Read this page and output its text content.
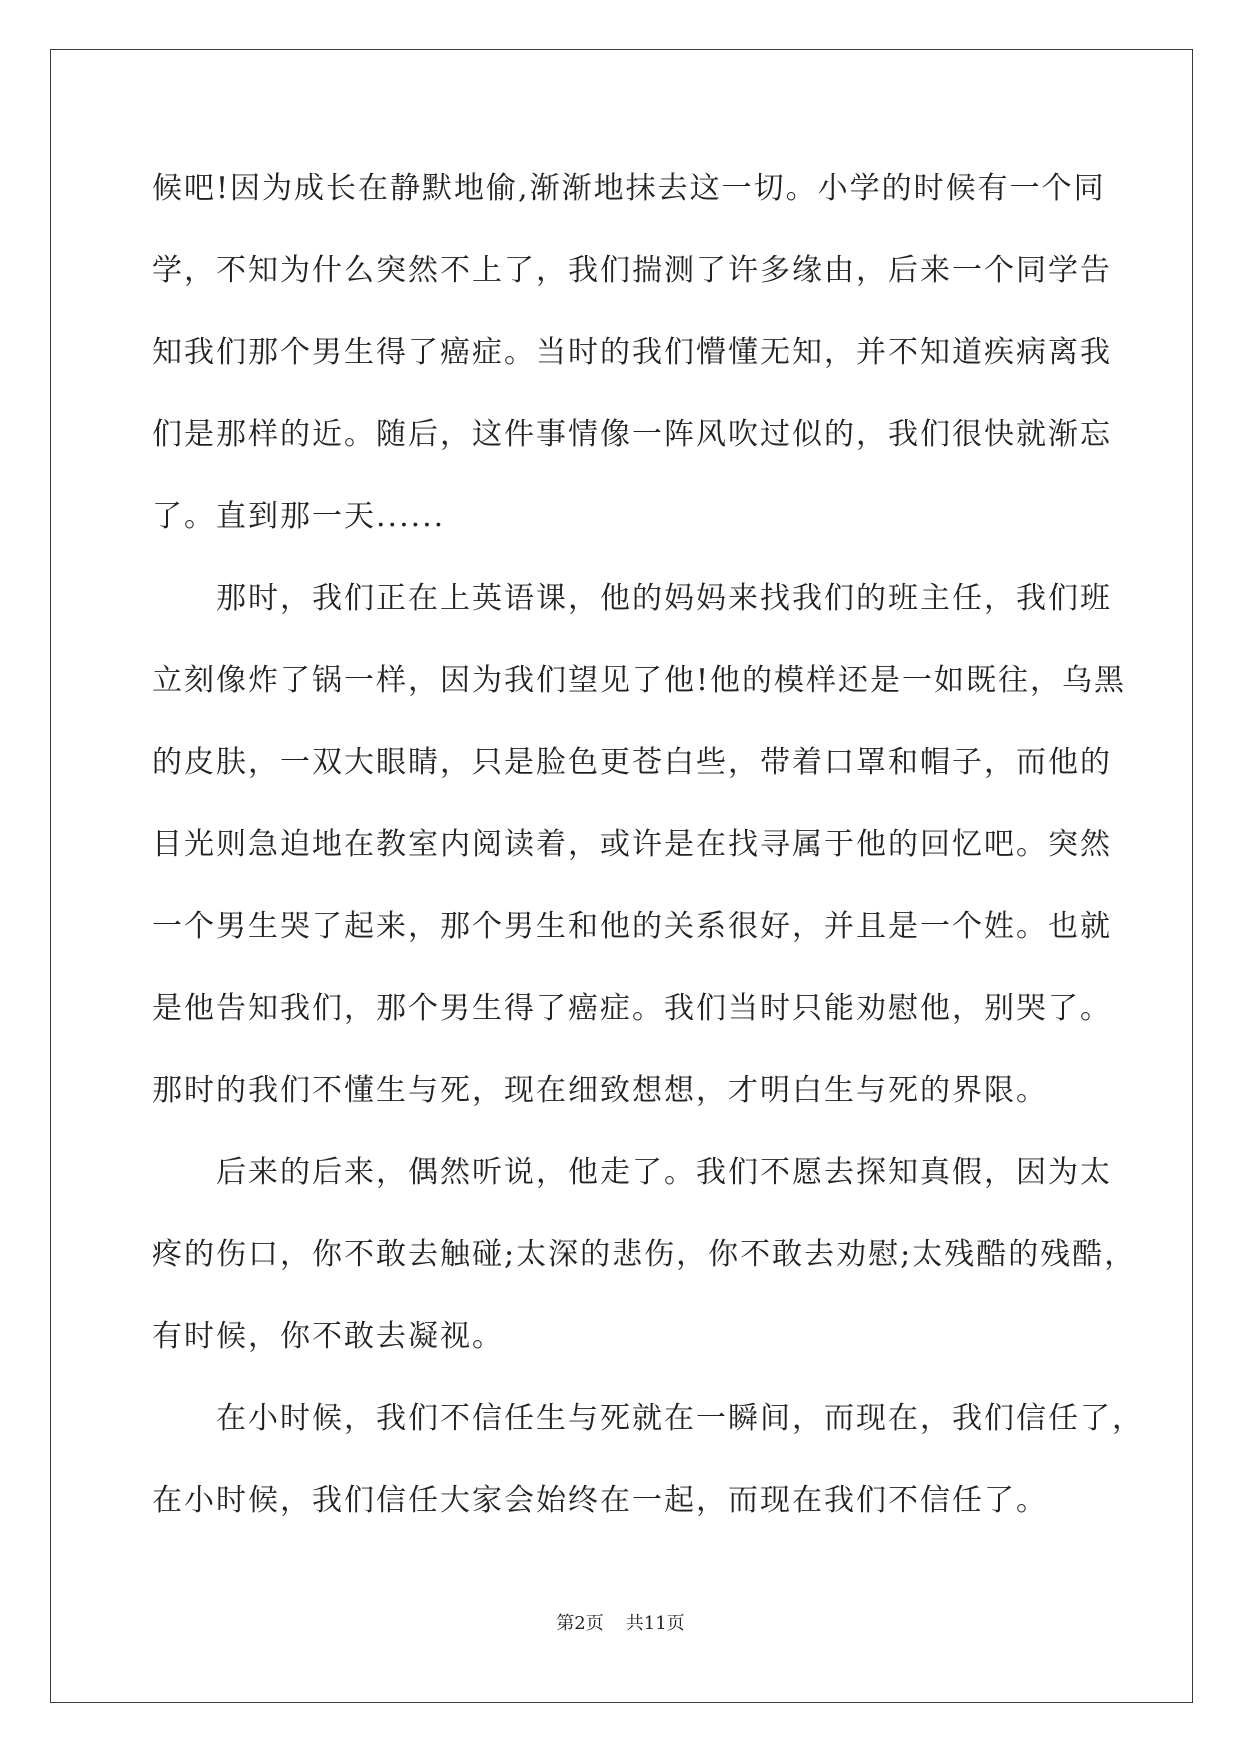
候吧!因为成长在静默地偷,渐渐地抹去这一切。小学的时候有一个同
学，不知为什么突然不上了，我们揣测了许多缘由，后来一个同学告
知我们那个男生得了癌症。当时的我们懵懂无知，并不知道疾病离我
们是那样的近。随后，这件事情像一阵风吹过似的，我们很快就渐忘
了。直到那一天......
那时，我们正在上英语课，他的妈妈来找我们的班主任，我们班
立刻像炸了锅一样，因为我们望见了他!他的模样还是一如既往，乌黑
的皮肤，一双大眼睛，只是脸色更苍白些，带着口罩和帽子，而他的
目光则急迫地在教室内阅读着，或许是在找寻属于他的回忆吧。突然
一个男生哭了起来，那个男生和他的关系很好，并且是一个姓。也就
是他告知我们，那个男生得了癌症。我们当时只能劝慰他，别哭了。
那时的我们不懂生与死，现在细致想想，才明白生与死的界限。
后来的后来，偶然听说，他走了。我们不愿去探知真假，因为太
疼的伤口，你不敢去触碰;太深的悲伤，你不敢去劝慰;太残酷的残酷，
有时候，你不敢去凝视。
在小时候，我们不信任生与死就在一瞬间，而现在，我们信任了，
在小时候，我们信任大家会始终在一起，而现在我们不信任了。
第2页 共11页
